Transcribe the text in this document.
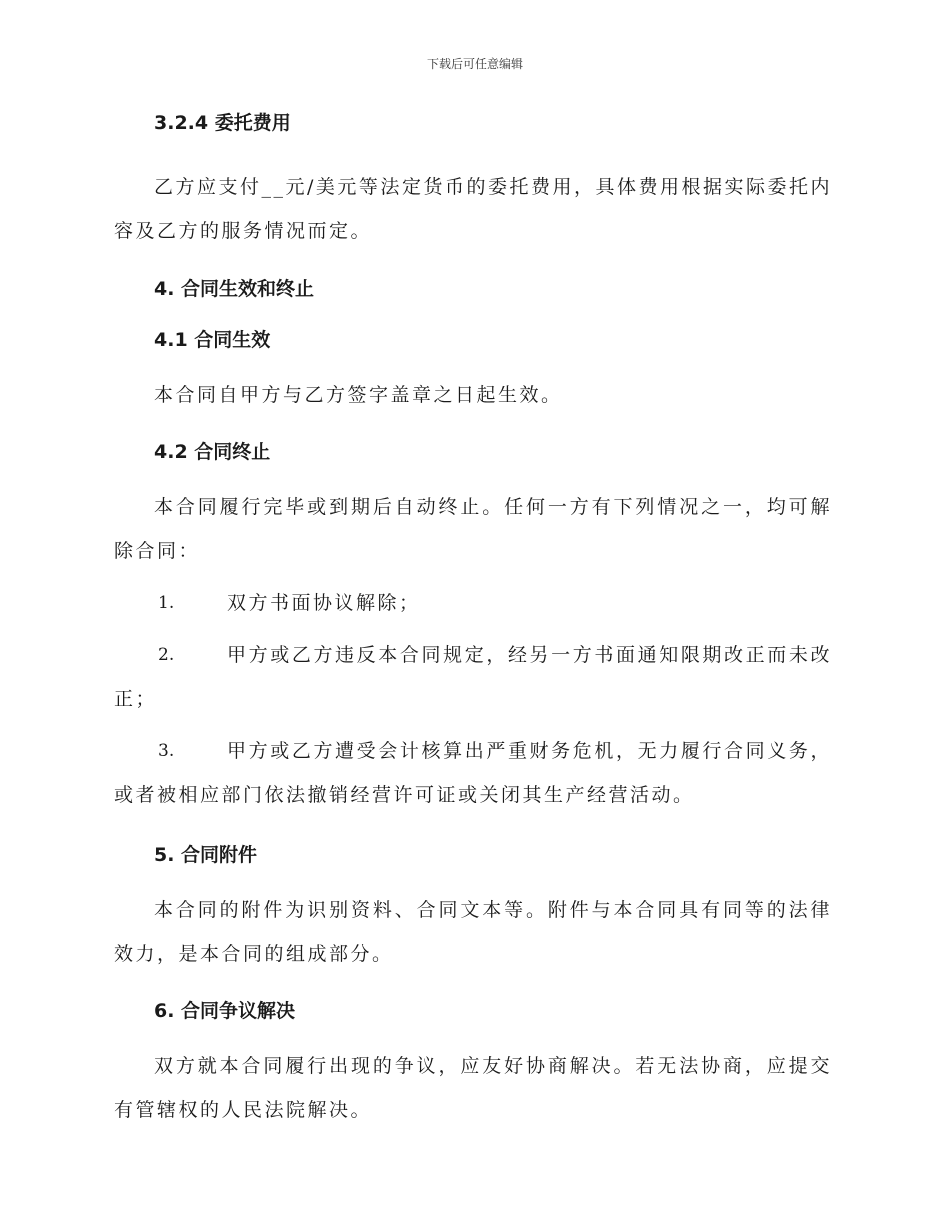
下载后可任意编辑

3.2.4 委托费用

乙方应支付__元/美元等法定货币的委托费用，具体费用根据实际委托内容及乙方的服务情况而定。

4. 合同生效和终止

4.1 合同生效

本合同自甲方与乙方签字盖章之日起生效。

4.2 合同终止

本合同履行完毕或到期后自动终止。任何一方有下列情况之一，均可解除合同：

1.	双方书面协议解除；
2.	甲方或乙方违反本合同规定，经另一方书面通知限期改正而未改正；
3.	甲方或乙方遭受会计核算出严重财务危机，无力履行合同义务，或者被相应部门依法撤销经营许可证或关闭其生产经营活动。

5. 合同附件

本合同的附件为识别资料、合同文本等。附件与本合同具有同等的法律效力，是本合同的组成部分。

6. 合同争议解决

双方就本合同履行出现的争议，应友好协商解决。若无法协商，应提交有管辖权的人民法院解决。
